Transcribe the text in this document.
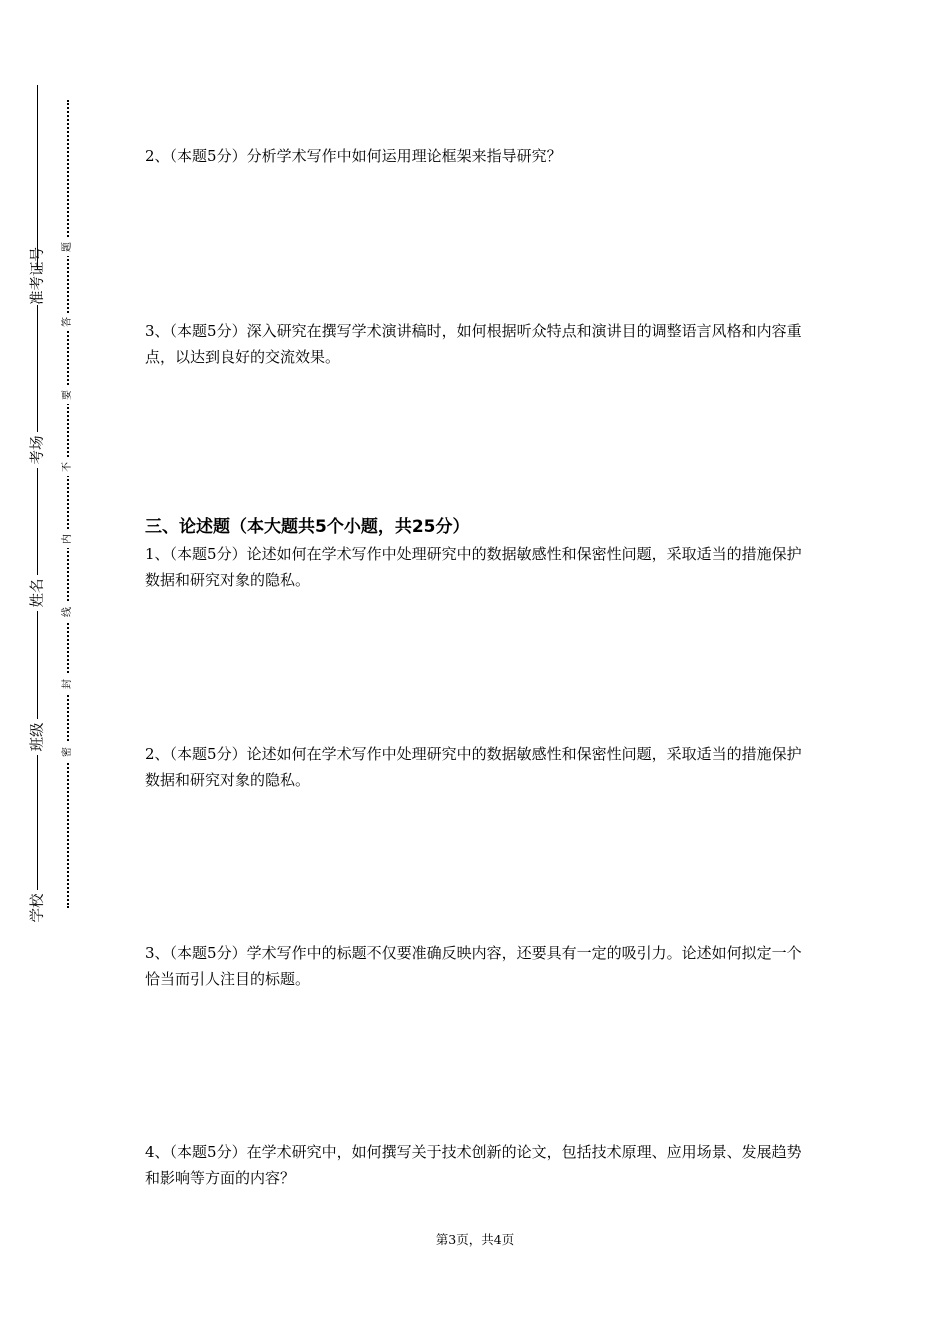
准考证号
考场
姓名
班级
学校
题
答
要
不
内
线
封
密

2、（本题5分）分析学术写作中如何运用理论框架来指导研究？

3、（本题5分）深入研究在撰写学术演讲稿时，如何根据听众特点和演讲目的调整语言风格和内容重点，以达到良好的交流效果。

三、论述题（本大题共5个小题，共25分）

1、（本题5分）论述如何在学术写作中处理研究中的数据敏感性和保密性问题，采取适当的措施保护数据和研究对象的隐私。

2、（本题5分）论述如何在学术写作中处理研究中的数据敏感性和保密性问题，采取适当的措施保护数据和研究对象的隐私。

3、（本题5分）学术写作中的标题不仅要准确反映内容，还要具有一定的吸引力。论述如何拟定一个恰当而引人注目的标题。

4、（本题5分）在学术研究中，如何撰写关于技术创新的论文，包括技术原理、应用场景、发展趋势和影响等方面的内容？

第3页，共4页
